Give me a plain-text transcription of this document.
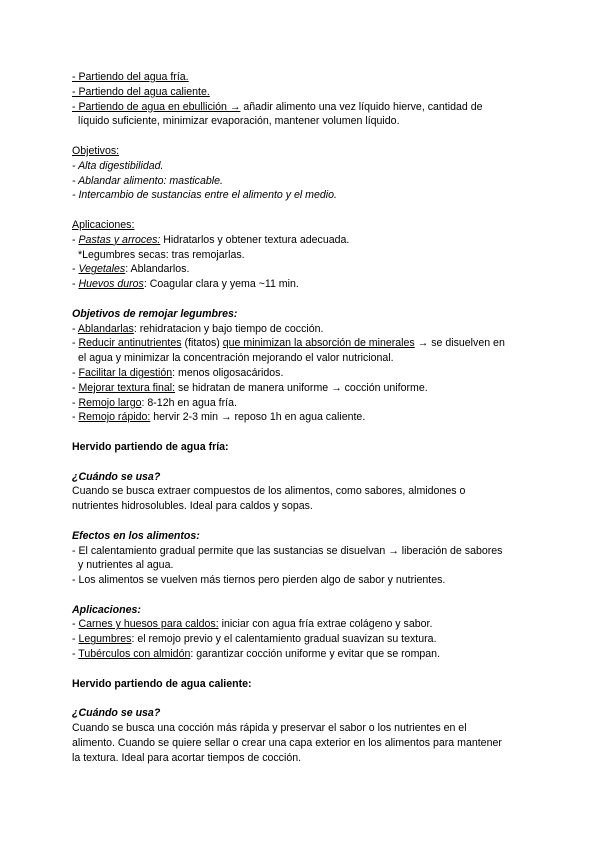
- Partiendo del agua fría.
- Partiendo del agua caliente.
- Partiendo de agua en ebullición → añadir alimento una vez líquido hierve, cantidad de
líquido suficiente, minimizar evaporación, mantener volumen líquido.
Objetivos:
- Alta digestibilidad.
- Ablandar alimento: masticable.
- Intercambio de sustancias entre el alimento y el medio.
Aplicaciones:
- Pastas y arroces: Hidratarlos y obtener textura adecuada.
*Legumbres secas: tras remojarlas.
- Vegetales: Ablandarlos.
- Huevos duros: Coagular clara y yema ~11 min.
Objetivos de remojar legumbres:
- Ablandarlas: rehidratacion y bajo tiempo de cocción.
- Reducir antinutrientes (fitatos) que minimizan la absorción de minerales → se disuelven en
el agua y minimizar la concentración mejorando el valor nutricional.
- Facilitar la digestión: menos oligosacáridos.
- Mejorar textura final: se hidratan de manera uniforme → cocción uniforme.
- Remojo largo: 8-12h en agua fría.
- Remojo rápido: hervir 2-3 min → reposo 1h en agua caliente.
Hervido partiendo de agua fría:
¿Cuándo se usa?
Cuando se busca extraer compuestos de los alimentos, como sabores, almidones o
nutrientes hidrosolubles. Ideal para caldos y sopas.
Efectos en los alimentos:
- El calentamiento gradual permite que las sustancias se disuelvan → liberación de sabores
y nutrientes al agua.
- Los alimentos se vuelven más tiernos pero pierden algo de sabor y nutrientes.
Aplicaciones:
- Carnes y huesos para caldos: iniciar con agua fría extrae colágeno y sabor.
- Legumbres: el remojo previo y el calentamiento gradual suavizan su textura.
- Tubérculos con almidón: garantizar cocción uniforme y evitar que se rompan.
Hervido partiendo de agua caliente:
¿Cuándo se usa?
Cuando se busca una cocción más rápida y preservar el sabor o los nutrientes en el
alimento. Cuando se quiere sellar o crear una capa exterior en los alimentos para mantener
la textura. Ideal para acortar tiempos de cocción.
